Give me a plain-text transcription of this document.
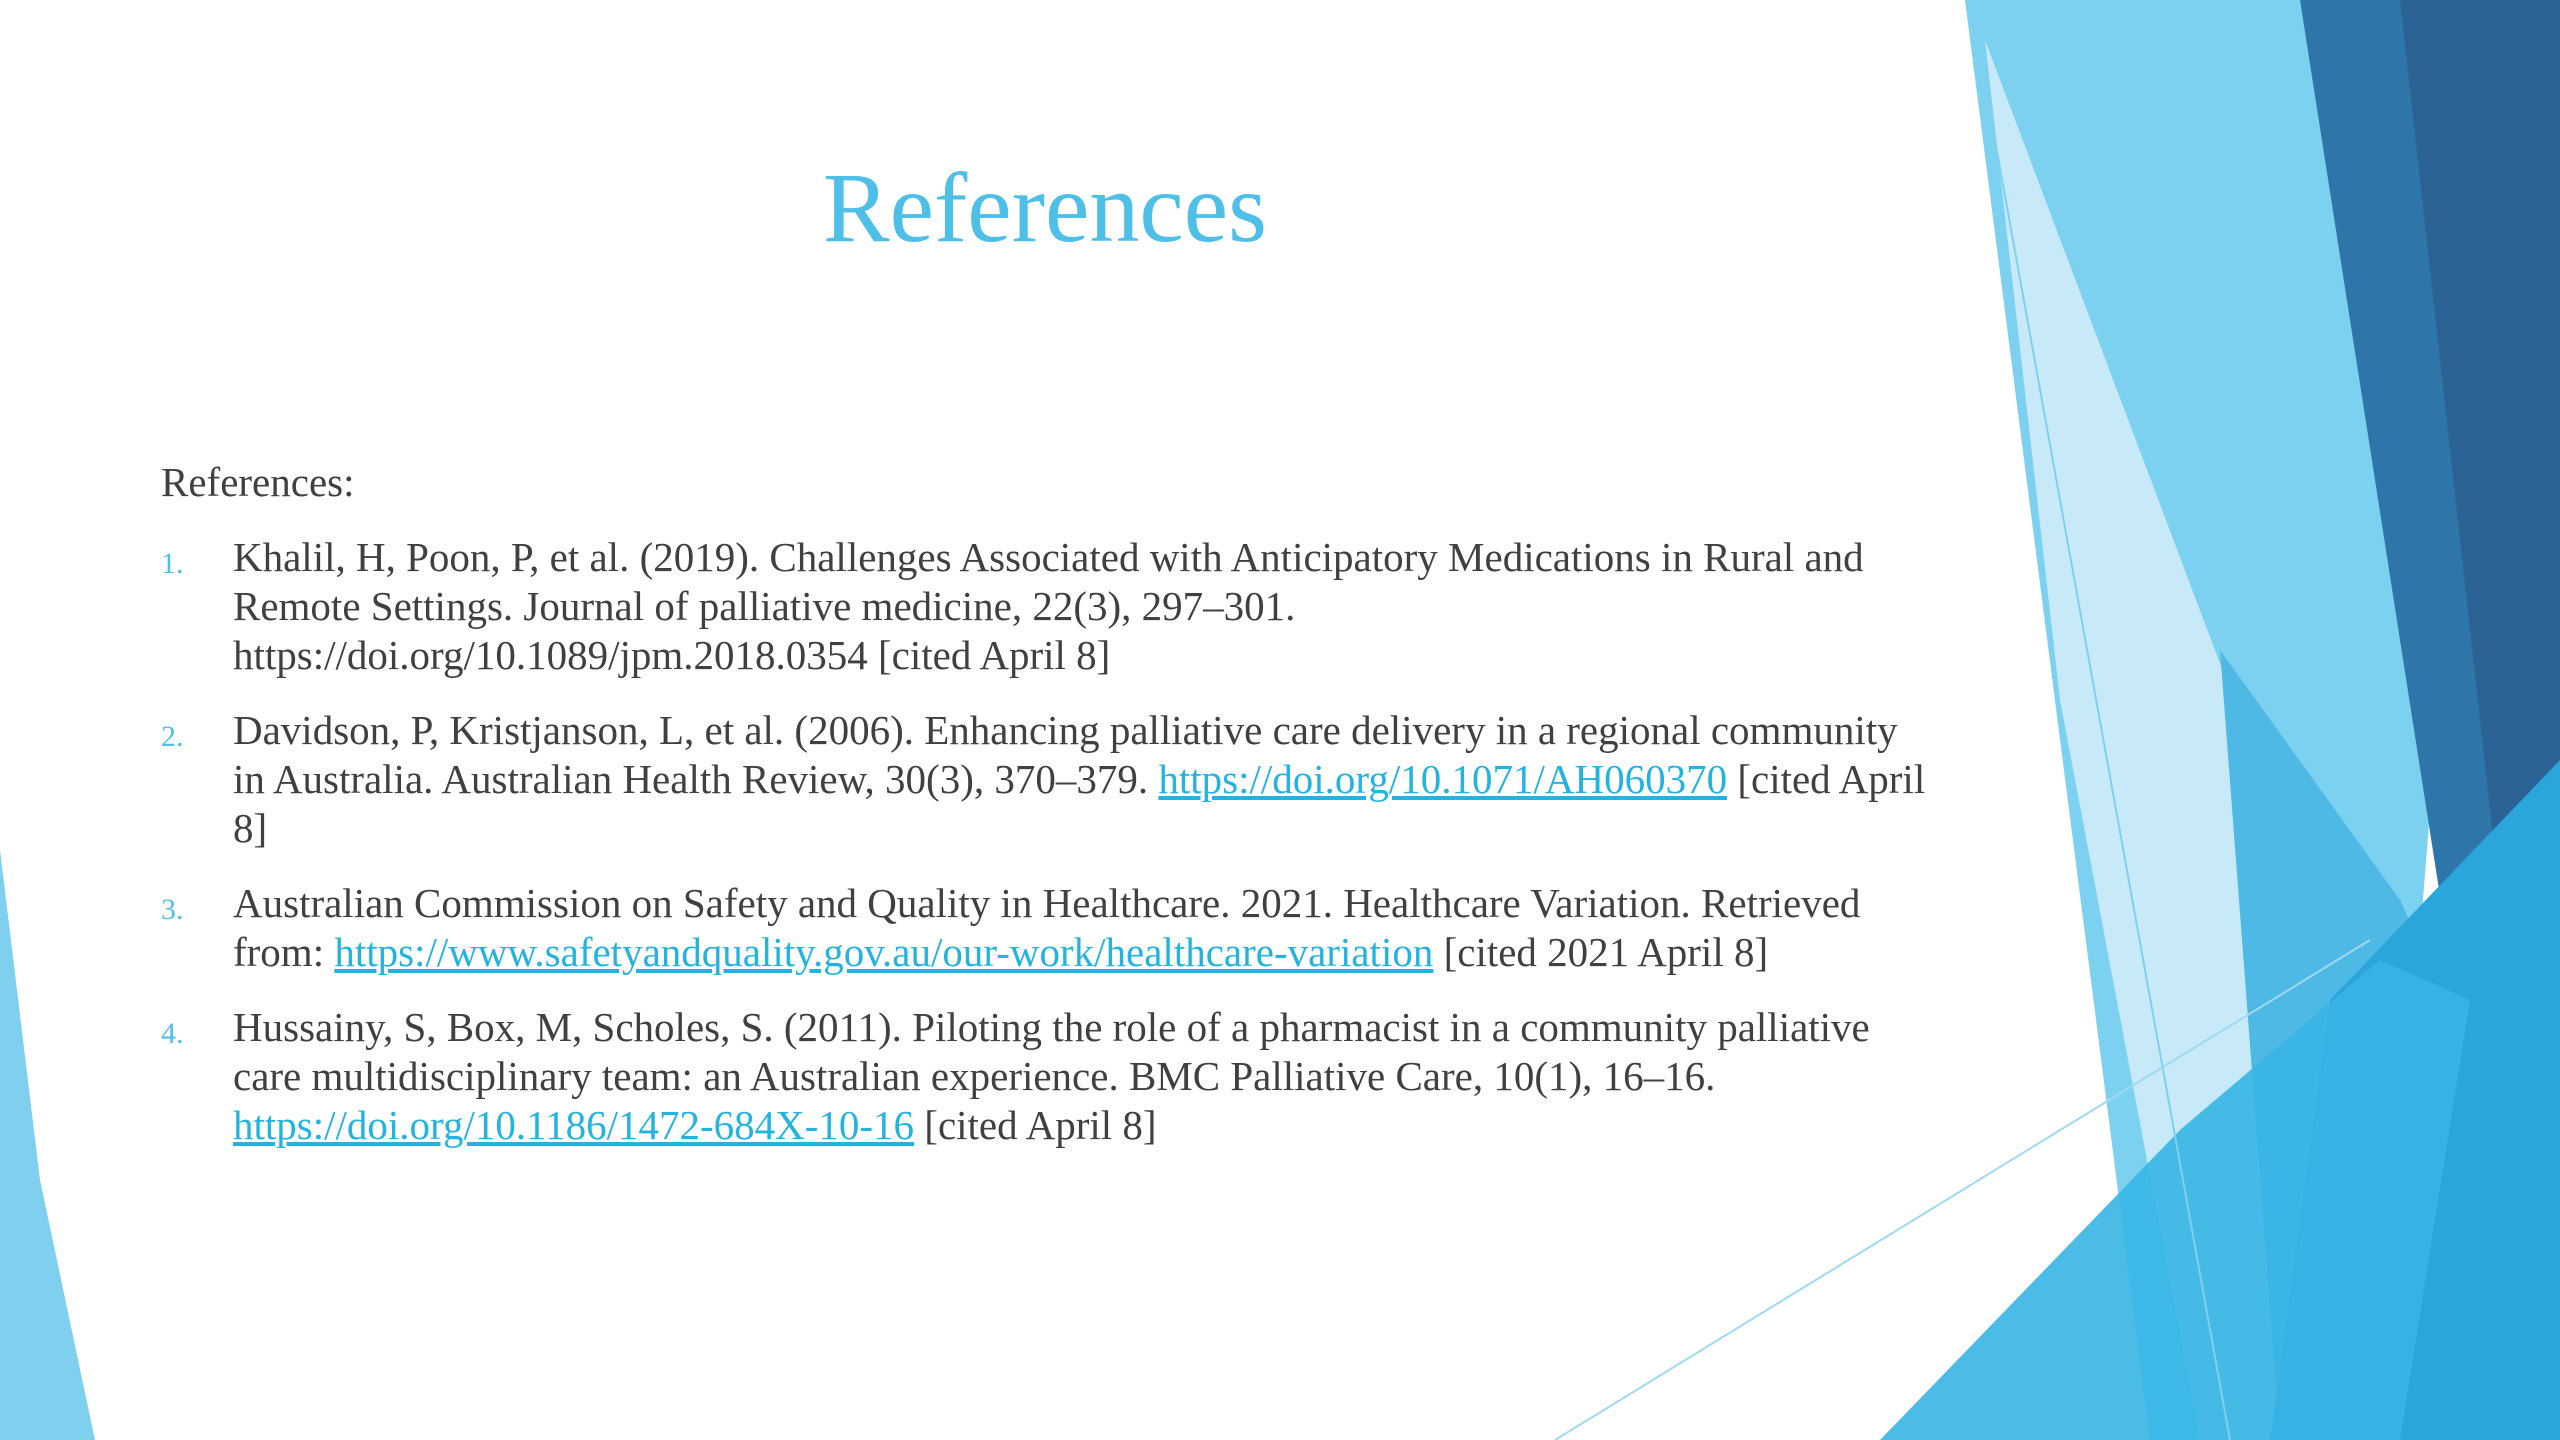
References
References:
1. Khalil, H, Poon, P, et al. (2019). Challenges Associated with Anticipatory Medications in Rural and Remote Settings. Journal of palliative medicine, 22(3), 297–301. https://doi.org/10.1089/jpm.2018.0354 [cited April 8]
2. Davidson, P, Kristjanson, L, et al. (2006). Enhancing palliative care delivery in a regional community in Australia. Australian Health Review, 30(3), 370–379. https://doi.org/10.1071/AH060370 [cited April 8]
3. Australian Commission on Safety and Quality in Healthcare. 2021. Healthcare Variation. Retrieved from: https://www.safetyandquality.gov.au/our-work/healthcare-variation [cited 2021 April 8]
4. Hussainy, S, Box, M, Scholes, S. (2011). Piloting the role of a pharmacist in a community palliative care multidisciplinary team: an Australian experience. BMC Palliative Care, 10(1), 16–16. https://doi.org/10.1186/1472-684X-10-16 [cited April 8]
